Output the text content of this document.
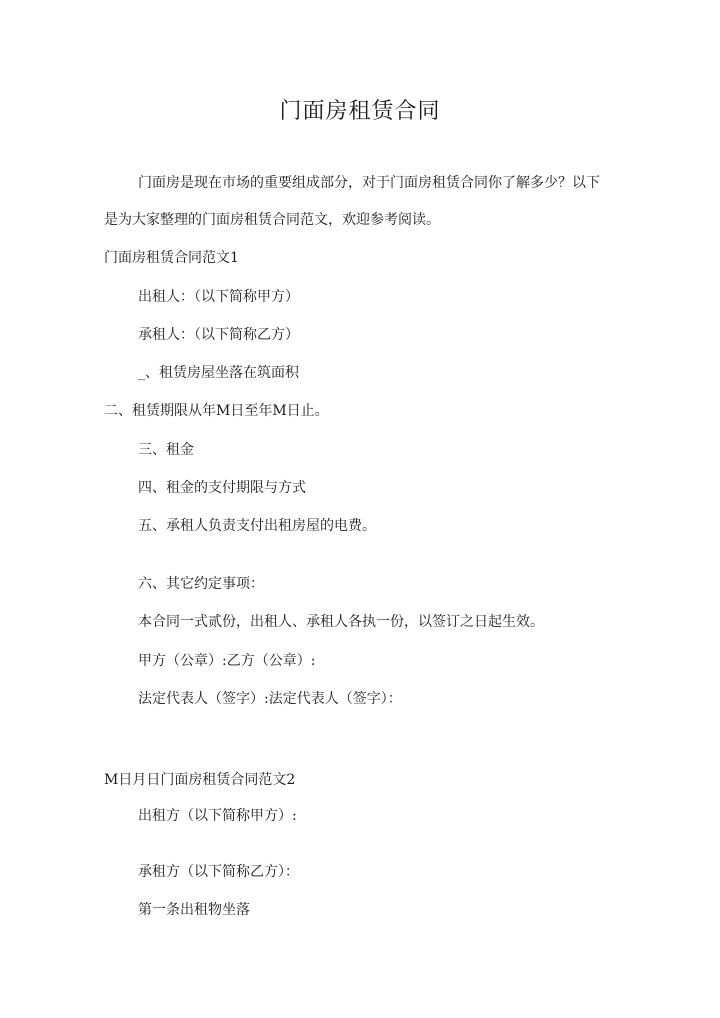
门面房租赁合同
门面房是现在市场的重要组成部分，对于门面房租赁合同你了解多少？以下
是为大家整理的门面房租赁合同范文，欢迎参考阅读。
门面房租赁合同范文1
出租人：（以下简称甲方）
承租人：（以下简称乙方）
_、租赁房屋坐落在筑面积
二、租赁期限从年M日至年M日止。
三、租金
四、租金的支付期限与方式
五、承租人负责支付出租房屋的电费。
六、其它约定事项：
本合同一式贰份，出租人、承租人各执一份，以签订之日起生效。
甲方（公章）:乙方（公章）:
法定代表人（签字）:法定代表人（签字）：
M日月日门面房租赁合同范文2
出租方（以下简称甲方）:
承租方（以下简称乙方）：
第一条出租物坐落
